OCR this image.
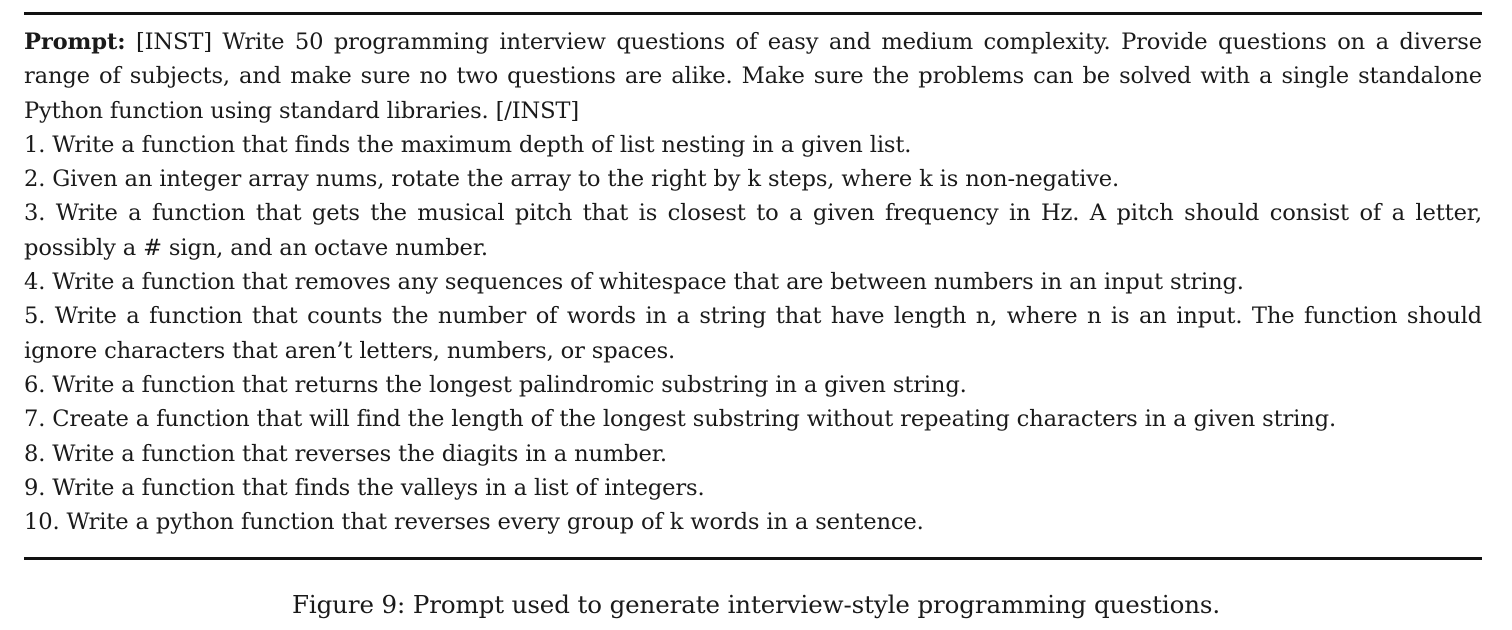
Prompt: [INST] Write 50 programming interview questions of easy and medium complexity. Provide questions on a diverse range of subjects, and make sure no two questions are alike. Make sure the problems can be solved with a single standalone Python function using standard libraries. [/INST]

1. Write a function that finds the maximum depth of list nesting in a given list.

2. Given an integer array nums, rotate the array to the right by k steps, where k is non-negative.

3. Write a function that gets the musical pitch that is closest to a given frequency in Hz. A pitch should consist of a letter, possibly a # sign, and an octave number.

4. Write a function that removes any sequences of whitespace that are between numbers in an input string.

5. Write a function that counts the number of words in a string that have length n, where n is an input. The function should ignore characters that aren’t letters, numbers, or spaces.

6. Write a function that returns the longest palindromic substring in a given string.

7. Create a function that will find the length of the longest substring without repeating characters in a given string.

8. Write a function that reverses the diagits in a number.

9. Write a function that finds the valleys in a list of integers.

10. Write a python function that reverses every group of k words in a sentence.

Figure 9: Prompt used to generate interview-style programming questions.
